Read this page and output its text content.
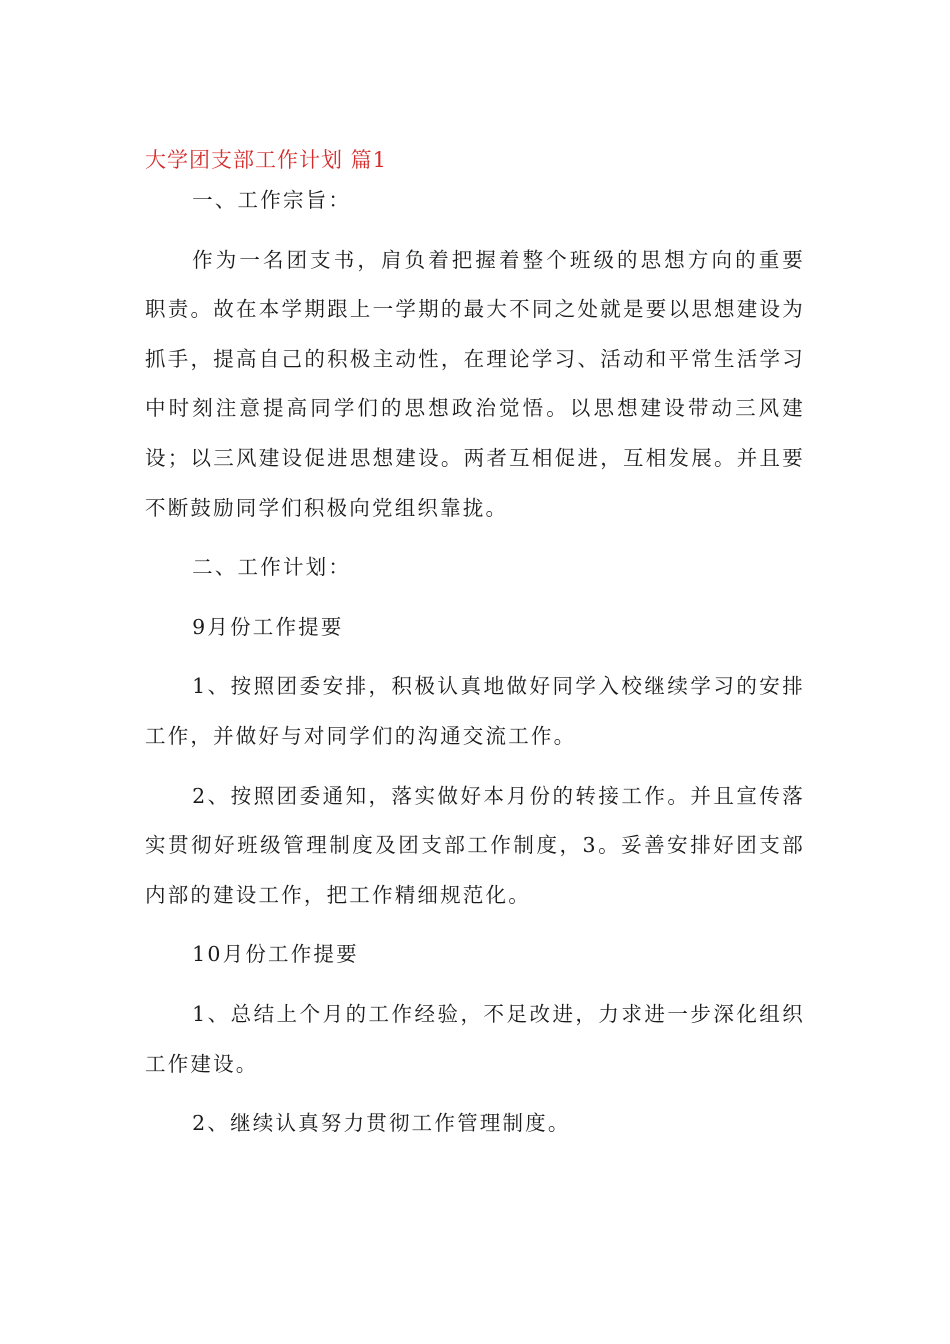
大学团支部工作计划 篇1

一、工作宗旨：

作为一名团支书，肩负着把握着整个班级的思想方向的重要职责。故在本学期跟上一学期的最大不同之处就是要以思想建设为抓手，提高自己的积极主动性，在理论学习、活动和平常生活学习中时刻注意提高同学们的思想政治觉悟。以思想建设带动三风建设；以三风建设促进思想建设。两者互相促进，互相发展。并且要不断鼓励同学们积极向党组织靠拢。

二、工作计划：

9月份工作提要

1、按照团委安排，积极认真地做好同学入校继续学习的安排工作，并做好与对同学们的沟通交流工作。

2、按照团委通知，落实做好本月份的转接工作。并且宣传落实贯彻好班级管理制度及团支部工作制度，3。妥善安排好团支部内部的建设工作，把工作精细规范化。

10月份工作提要

1、总结上个月的工作经验，不足改进，力求进一步深化组织工作建设。

2、继续认真努力贯彻工作管理制度。
